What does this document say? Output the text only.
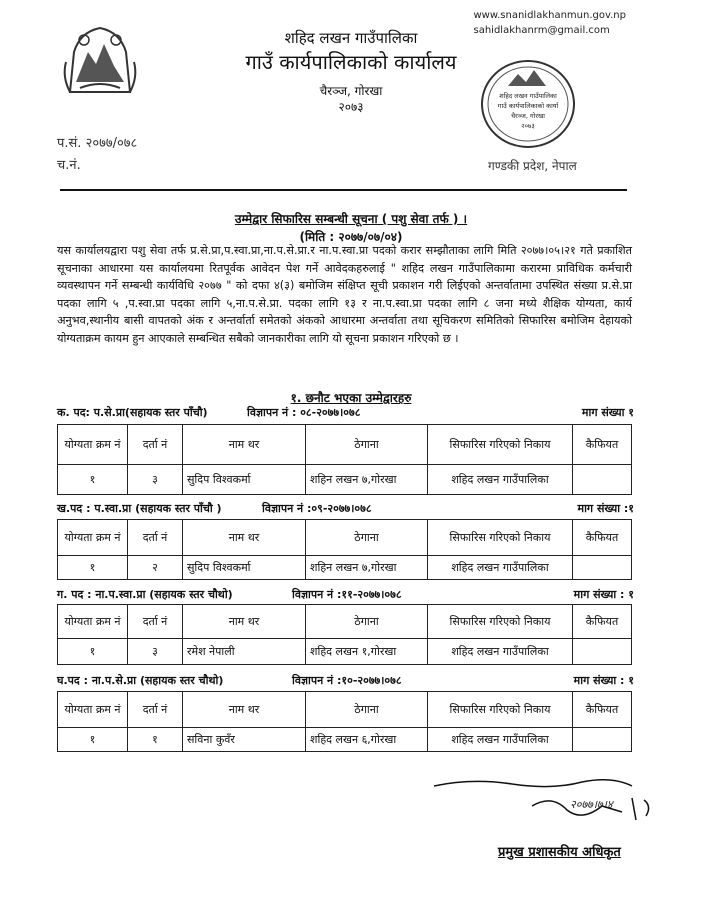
www.snanidlakhanmun.gov.np
sahidlakhanrm@gmail.com
शहिद लखन गाउँपालिका
गाउँ कार्यपालिकाको कार्यालय
चैरञ्ज, गोरखा
२०७३
प.सं. २०७७/०७८
च.नं.	गण्डकी प्रदेश, नेपाल
शहिद लखन गाउँपालिका
गाउँ कार्यपालिकाको कार्या
चैरञ्ज, गोरखा
२०७३
उम्मेद्वार सिफारिस सम्बन्धी सूचना ( पशु सेवा तर्फ ) ।
(मिति : २०७७/०७/०४)
यस कार्यालयद्वारा पशु सेवा तर्फ प्र.से.प्रा,प.स्वा.प्रा,ना.प.से.प्रा.र ना.प.स्वा.प्रा पदको करार सम्झौताका लागि मिति २०७७।०५।२१ गते प्रकाशित सूचनाका आधारमा यस कार्यालयमा रितपूर्वक आवेदन पेश गर्ने आवेदकहरुलाई " शहिद लखन गाउँपालिकामा करारमा प्राविधिक कर्मचारी व्यवस्थापन गर्ने सम्बन्धी कार्यविधि २०७७ " को दफा ४(३) बमोजिम संक्षिप्त सूची प्रकाशन गरी लिईएको अन्तर्वातामा उपस्थित संख्या प्र.से.प्रा पदका लागि ५ ,प.स्वा.प्रा पदका लागि ५,ना.प.से.प्रा. पदका लागि १३ र ना.प.स्वा.प्रा पदका लागि ८ जना मध्ये शैक्षिक योग्यता, कार्य अनुभव,स्थानीय बासी वापतको अंक र अन्तर्वार्ता समेतको अंकको आधारमा अन्तर्वाता तथा सूचिकरण समितिको सिफारिस बमोजिम देहायको योग्यताक्रम कायम हुन आएकाले सम्बन्धित सबैको जानकारीका लागि यो सूचना प्रकाशन गरिएको छ ।
१. छनौट भएका उम्मेद्वारहरु
क. पद: प.से.प्रा(सहायक स्तर पाँचौ)	विज्ञापन नं : ०८-२०७७।०७८	माग संख्या १
योग्यता क्रम नं	दर्ता नं	नाम थर	ठेगाना	सिफारिस गरिएको निकाय	कैफियत
१	३	सुदिप विश्वकर्मा	शहिन लखन ७,गोरखा	शहिद लखन गाउँपालिका	
ख.पद : प.स्वा.प्रा (सहायक स्तर पाँचौ )	विज्ञापन नं :०९-२०७७।०७८	माग संख्या :१
योग्यता क्रम नं	दर्ता नं	नाम थर	ठेगाना	सिफारिस गरिएको निकाय	कैफियत
१	२	सुदिप विश्वकर्मा	शहिन लखन ७,गोरखा	शहिद लखन गाउँपालिका	
ग. पद : ना.प.स्वा.प्रा (सहायक स्तर चौथो)	विज्ञापन नं :११-२०७७।०७८	माग संख्या : १
योग्यता क्रम नं	दर्ता नं	नाम थर	ठेगाना	सिफारिस गरिएको निकाय	कैफियत
१	३	रमेश नेपाली	शहिद लखन १,गोरखा	शहिद लखन गाउँपालिका	
घ.पद : ना.प.से.प्रा (सहायक स्तर चौथो)	विज्ञापन नं :१०-२०७७।०७८	माग संख्या : १
योग्यता क्रम नं	दर्ता नं	नाम थर	ठेगाना	सिफारिस गरिएको निकाय	कैफियत
१	१	सविना कुवँर	शहिद लखन ६,गोरखा	शहिद लखन गाउँपालिका	
२०७७।७।४
प्रमुख प्रशासकीय अधिकृत
